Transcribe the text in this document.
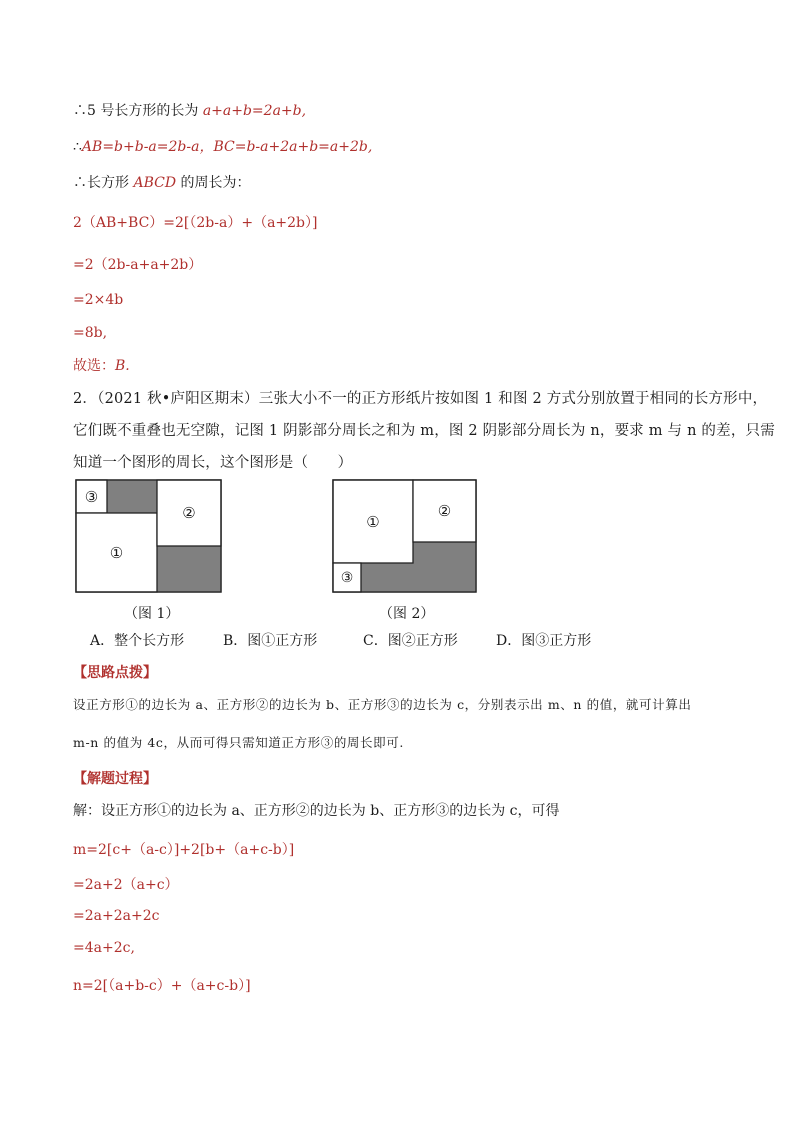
∴5 号长方形的长为 a+a+b=2a+b,
∴AB=b+b-a=2b-a，BC=b-a+2a+b=a+2b,
∴长方形 ABCD 的周长为：
2（AB+BC）=2[（2b-a）+（a+2b）]
=2（2b-a+a+2b）
=2×4b
=8b,
故选：B.
2．（2021 秋•庐阳区期末）三张大小不一的正方形纸片按如图 1 和图 2 方式分别放置于相同的长方形中，
它们既不重叠也无空隙，记图 1 阴影部分周长之和为 m，图 2 阴影部分周长为 n，要求 m 与 n 的差，只需
知道一个图形的周长，这个图形是（　　）
③
①
②
（图 1）
①
②
③
（图 2）
A．整个长方形	B．图①正方形	C．图②正方形	D．图③正方形
【思路点拨】
设正方形①的边长为 a、正方形②的边长为 b、正方形③的边长为 c，分别表示出 m、n 的值，就可计算出
m-n 的值为 4c，从而可得只需知道正方形③的周长即可.
【解题过程】
解：设正方形①的边长为 a、正方形②的边长为 b、正方形③的边长为 c，可得
m=2[c+（a-c）]+2[b+（a+c-b）]
=2a+2（a+c）
=2a+2a+2c
=4a+2c,
n=2[（a+b-c）+（a+c-b）]
